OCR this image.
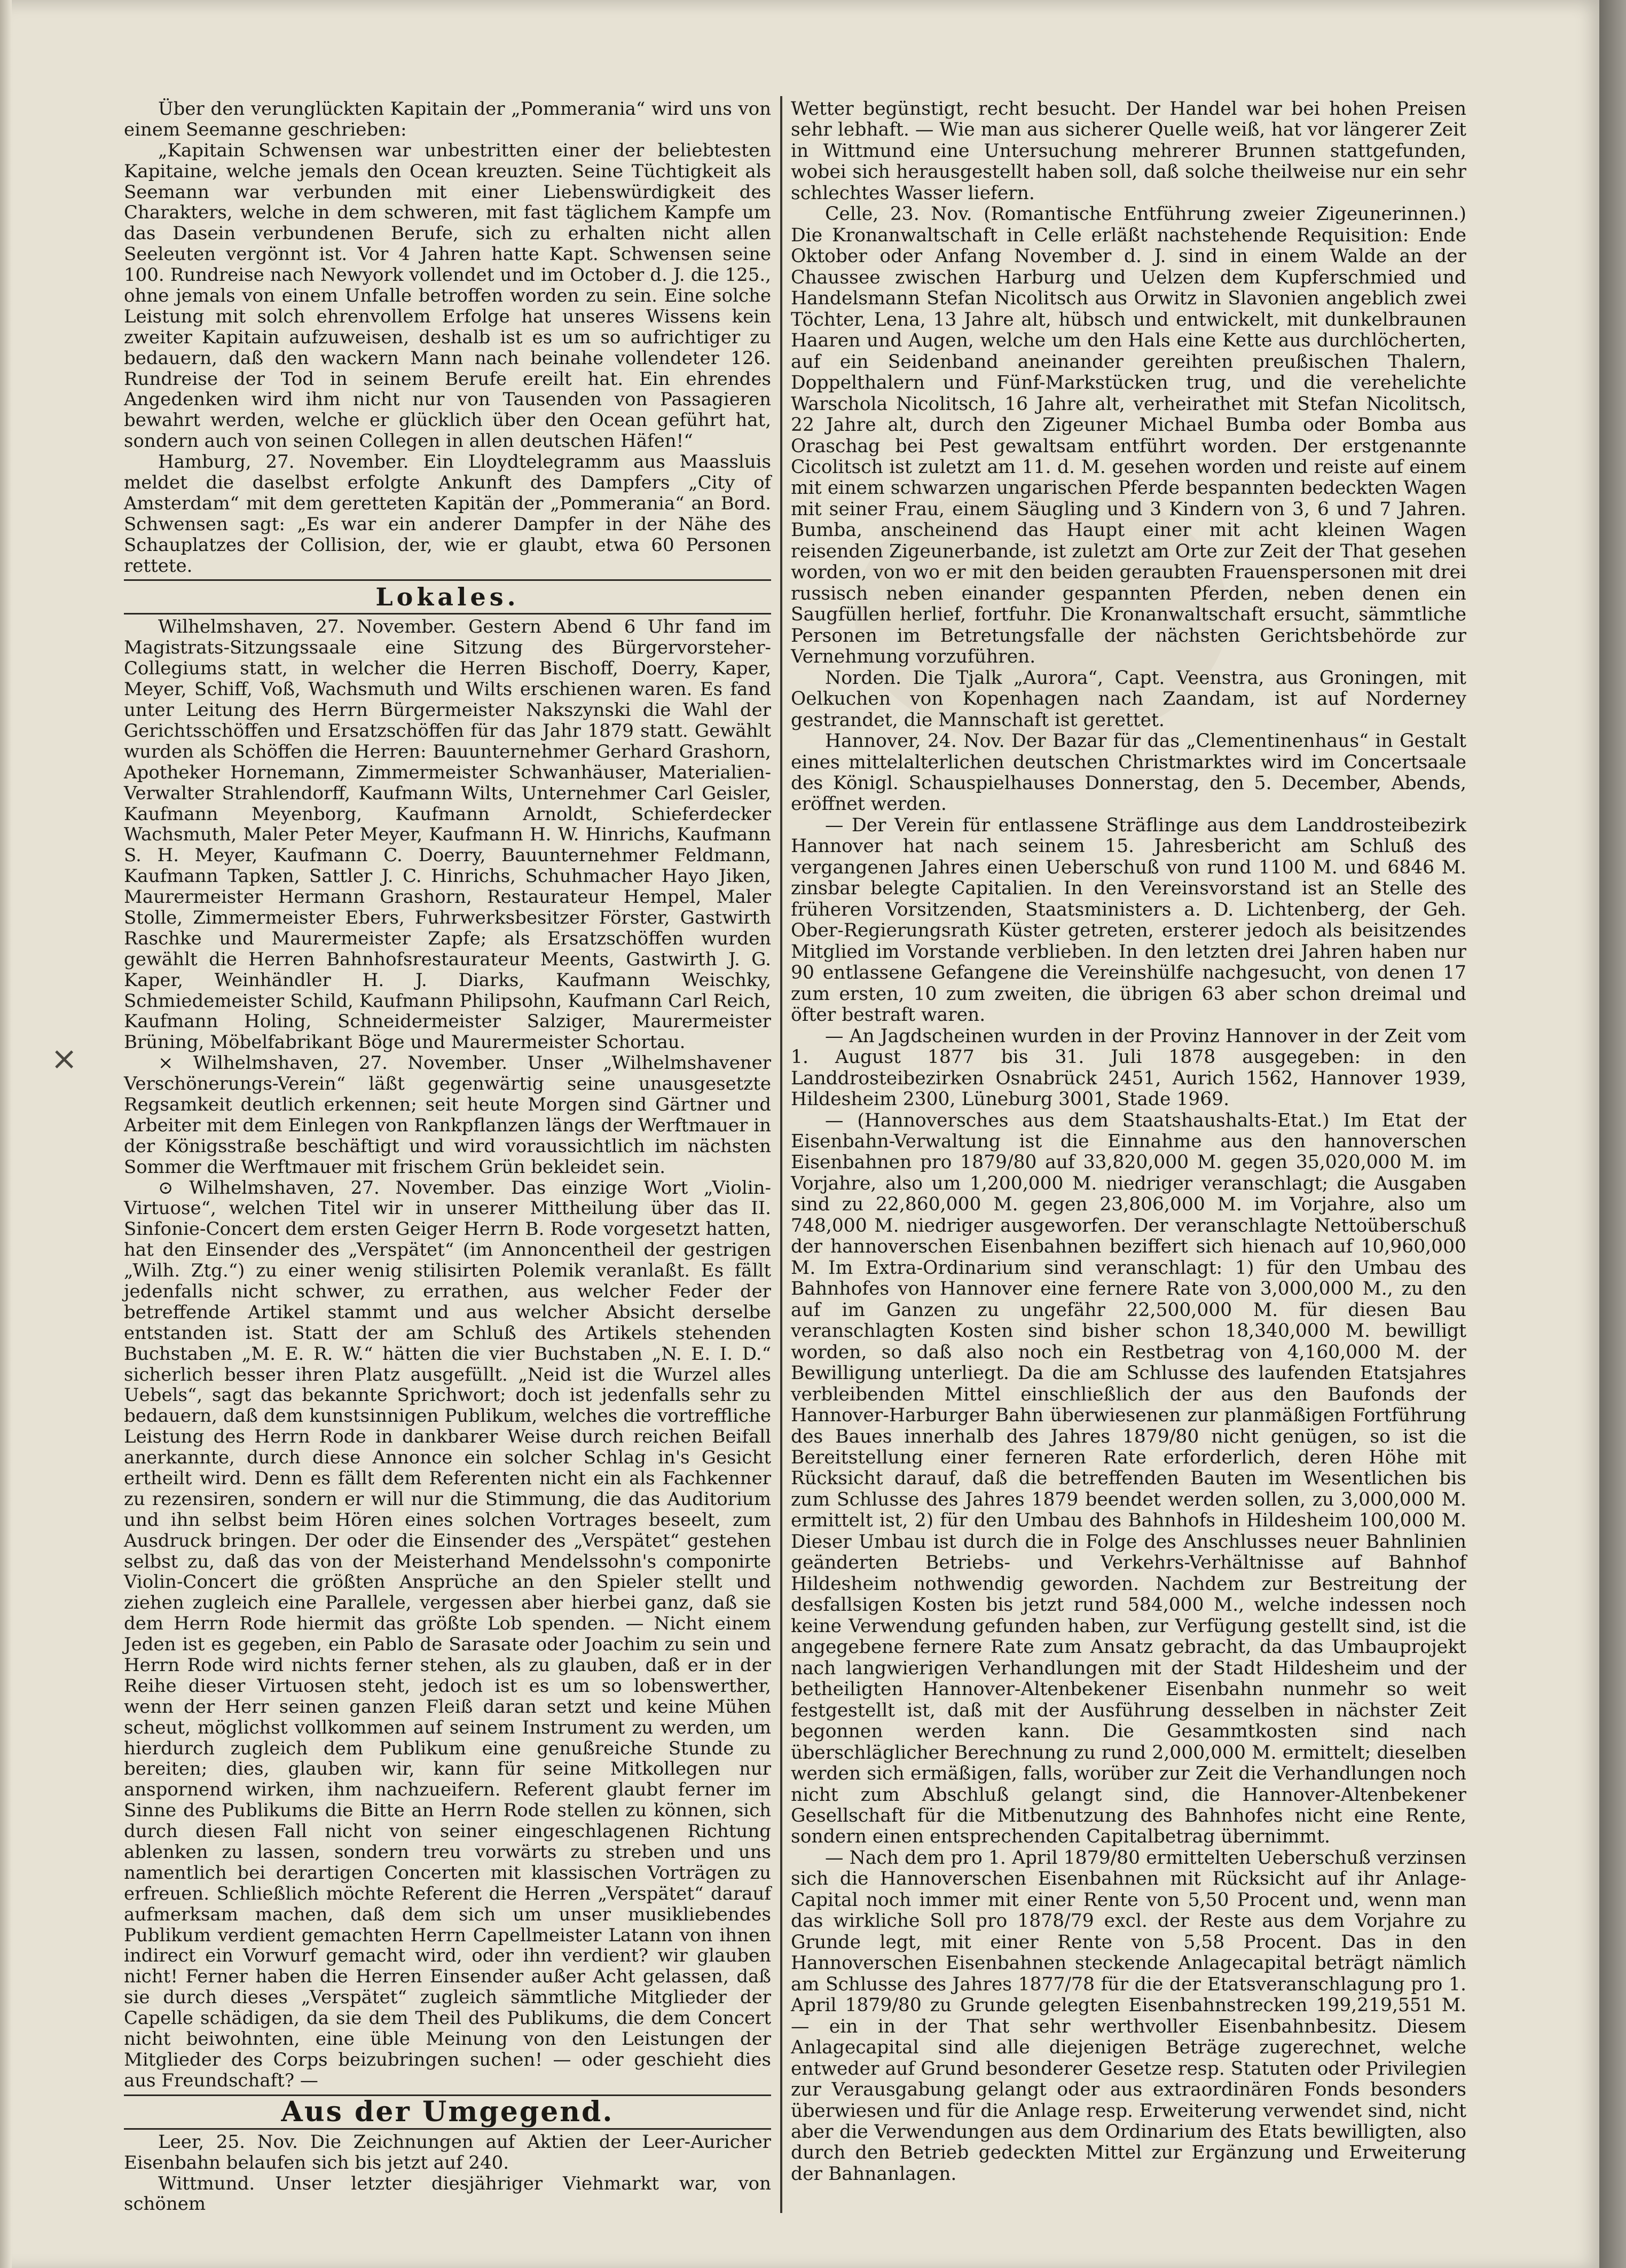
Über den verunglückten Kapitain der „Pommerania“ wird uns von einem Seemanne geschrieben:

„Kapitain Schwensen war unbestritten einer der beliebtesten Kapitaine, welche jemals den Ocean kreuzten. Seine Tüchtigkeit als Seemann war verbunden mit einer Liebenswürdigkeit des Charakters, welche in dem schweren, mit fast täglichem Kampfe um das Dasein verbundenen Berufe, sich zu erhalten nicht allen Seeleuten vergönnt ist. Vor 4 Jahren hatte Kapt. Schwensen seine 100. Rundreise nach Newyork vollendet und im October d. J. die 125., ohne jemals von einem Unfalle betroffen worden zu sein. Eine solche Leistung mit solch ehrenvollem Erfolge hat unseres Wissens kein zweiter Kapitain aufzuweisen, deshalb ist es um so aufrichtiger zu bedauern, daß den wackern Mann nach beinahe vollendeter 126. Rundreise der Tod in seinem Berufe ereilt hat. Ein ehrendes Angedenken wird ihm nicht nur von Tausenden von Passagieren bewahrt werden, welche er glücklich über den Ocean geführt hat, sondern auch von seinen Collegen in allen deutschen Häfen!“

Hamburg, 27. November. Ein Lloydtelegramm aus Maassluis meldet die daselbst erfolgte Ankunft des Dampfers „City of Amsterdam“ mit dem geretteten Kapitän der „Pommerania“ an Bord. Schwensen sagt: „Es war ein anderer Dampfer in der Nähe des Schauplatzes der Collision, der, wie er glaubt, etwa 60 Personen rettete.

Lokales.

Wilhelmshaven, 27. November. Gestern Abend 6 Uhr fand im Magistrats-Sitzungssaale eine Sitzung des Bürgervorsteher-Collegiums statt, in welcher die Herren Bischoff, Doerry, Kaper, Meyer, Schiff, Voß, Wachsmuth und Wilts erschienen waren. Es fand unter Leitung des Herrn Bürgermeister Nakszynski die Wahl der Gerichtsschöffen und Ersatzschöffen für das Jahr 1879 statt. Gewählt wurden als Schöffen die Herren: Bauunternehmer Gerhard Grashorn, Apotheker Hornemann, Zimmermeister Schwanhäuser, Materialien-Verwalter Strahlendorff, Kaufmann Wilts, Unternehmer Carl Geisler, Kaufmann Meyenborg, Kaufmann Arnoldt, Schieferdecker Wachsmuth, Maler Peter Meyer, Kaufmann H. W. Hinrichs, Kaufmann S. H. Meyer, Kaufmann C. Doerry, Bauunternehmer Feldmann, Kaufmann Tapken, Sattler J. C. Hinrichs, Schuhmacher Hayo Jiken, Maurermeister Hermann Grashorn, Restaurateur Hempel, Maler Stolle, Zimmermeister Ebers, Fuhrwerksbesitzer Förster, Gastwirth Raschke und Maurermeister Zapfe; als Ersatzschöffen wurden gewählt die Herren Bahnhofsrestaurateur Meents, Gastwirth J. G. Kaper, Weinhändler H. J. Diarks, Kaufmann Weischky, Schmiedemeister Schild, Kaufmann Philipsohn, Kaufmann Carl Reich, Kaufmann Holing, Schneidermeister Salziger, Maurermeister Brüning, Möbelfabrikant Böge und Maurermeister Schortau.

× Wilhelmshaven, 27. November. Unser „Wilhelmshavener Verschönerungs-Verein“ läßt gegenwärtig seine unausgesetzte Regsamkeit deutlich erkennen; seit heute Morgen sind Gärtner und Arbeiter mit dem Einlegen von Rankpflanzen längs der Werftmauer in der Königsstraße beschäftigt und wird voraussichtlich im nächsten Sommer die Werftmauer mit frischem Grün bekleidet sein.

⊙ Wilhelmshaven, 27. November. Das einzige Wort „Violin-Virtuose“, welchen Titel wir in unserer Mittheilung über das II. Sinfonie-Concert dem ersten Geiger Herrn B. Rode vorgesetzt hatten, hat den Einsender des „Verspätet“ (im Annoncentheil der gestrigen „Wilh. Ztg.“) zu einer wenig stilisirten Polemik veranlaßt. Es fällt jedenfalls nicht schwer, zu errathen, aus welcher Feder der betreffende Artikel stammt und aus welcher Absicht derselbe entstanden ist. Statt der am Schluß des Artikels stehenden Buchstaben „M. E. R. W.“ hätten die vier Buchstaben „N. E. I. D.“ sicherlich besser ihren Platz ausgefüllt. „Neid ist die Wurzel alles Uebels“, sagt das bekannte Sprichwort; doch ist jedenfalls sehr zu bedauern, daß dem kunstsinnigen Publikum, welches die vortreffliche Leistung des Herrn Rode in dankbarer Weise durch reichen Beifall anerkannte, durch diese Annonce ein solcher Schlag in's Gesicht ertheilt wird. Denn es fällt dem Referenten nicht ein als Fachkenner zu rezensiren, sondern er will nur die Stimmung, die das Auditorium und ihn selbst beim Hören eines solchen Vortrages beseelt, zum Ausdruck bringen. Der oder die Einsender des „Verspätet“ gestehen selbst zu, daß das von der Meisterhand Mendelssohn's componirte Violin-Concert die größten Ansprüche an den Spieler stellt und ziehen zugleich eine Parallele, vergessen aber hierbei ganz, daß sie dem Herrn Rode hiermit das größte Lob spenden. — Nicht einem Jeden ist es gegeben, ein Pablo de Sarasate oder Joachim zu sein und Herrn Rode wird nichts ferner stehen, als zu glauben, daß er in der Reihe dieser Virtuosen steht, jedoch ist es um so lobenswerther, wenn der Herr seinen ganzen Fleiß daran setzt und keine Mühen scheut, möglichst vollkommen auf seinem Instrument zu werden, um hierdurch zugleich dem Publikum eine genußreiche Stunde zu bereiten; dies, glauben wir, kann für seine Mitkollegen nur anspornend wirken, ihm nachzueifern. Referent glaubt ferner im Sinne des Publikums die Bitte an Herrn Rode stellen zu können, sich durch diesen Fall nicht von seiner eingeschlagenen Richtung ablenken zu lassen, sondern treu vorwärts zu streben und uns namentlich bei derartigen Concerten mit klassischen Vorträgen zu erfreuen. Schließlich möchte Referent die Herren „Verspätet“ darauf aufmerksam machen, daß dem sich um unser musikliebendes Publikum verdient gemachten Herrn Capellmeister Latann von ihnen indirect ein Vorwurf gemacht wird, oder ihn verdient? wir glauben nicht! Ferner haben die Herren Einsender außer Acht gelassen, daß sie durch dieses „Verspätet“ zugleich sämmtliche Mitglieder der Capelle schädigen, da sie dem Theil des Publikums, die dem Concert nicht beiwohnten, eine üble Meinung von den Leistungen der Mitglieder des Corps beizubringen suchen! — oder geschieht dies aus Freundschaft? —

Aus der Umgegend.

Leer, 25. Nov. Die Zeichnungen auf Aktien der Leer-Auricher Eisenbahn belaufen sich bis jetzt auf 240.

Wittmund. Unser letzter diesjähriger Viehmarkt war, von schönem

Wetter begünstigt, recht besucht. Der Handel war bei hohen Preisen sehr lebhaft. — Wie man aus sicherer Quelle weiß, hat vor längerer Zeit in Wittmund eine Untersuchung mehrerer Brunnen stattgefunden, wobei sich herausgestellt haben soll, daß solche theilweise nur ein sehr schlechtes Wasser liefern.

Celle, 23. Nov. (Romantische Entführung zweier Zigeunerinnen.) Die Kronanwaltschaft in Celle erläßt nachstehende Requisition: Ende Oktober oder Anfang November d. J. sind in einem Walde an der Chaussee zwischen Harburg und Uelzen dem Kupferschmied und Handelsmann Stefan Nicolitsch aus Orwitz in Slavonien angeblich zwei Töchter, Lena, 13 Jahre alt, hübsch und entwickelt, mit dunkelbraunen Haaren und Augen, welche um den Hals eine Kette aus durchlöcherten, auf ein Seidenband aneinander gereihten preußischen Thalern, Doppelthalern und Fünf-Markstücken trug, und die verehelichte Warschola Nicolitsch, 16 Jahre alt, verheirathet mit Stefan Nicolitsch, 22 Jahre alt, durch den Zigeuner Michael Bumba oder Bomba aus Oraschag bei Pest gewaltsam entführt worden. Der erstgenannte Cicolitsch ist zuletzt am 11. d. M. gesehen worden und reiste auf einem mit einem schwarzen ungarischen Pferde bespannten bedeckten Wagen mit seiner Frau, einem Säugling und 3 Kindern von 3, 6 und 7 Jahren. Bumba, anscheinend das Haupt einer mit acht kleinen Wagen reisenden Zigeunerbande, ist zuletzt am Orte zur Zeit der That gesehen worden, von wo er mit den beiden geraubten Frauenspersonen mit drei russisch neben einander gespannten Pferden, neben denen ein Saugfüllen herlief, fortfuhr. Die Kronanwaltschaft ersucht, sämmtliche Personen im Betretungsfalle der nächsten Gerichtsbehörde zur Vernehmung vorzuführen.

Norden. Die Tjalk „Aurora“, Capt. Veenstra, aus Groningen, mit Oelkuchen von Kopenhagen nach Zaandam, ist auf Norderney gestrandet, die Mannschaft ist gerettet.

Hannover, 24. Nov. Der Bazar für das „Clementinenhaus“ in Gestalt eines mittelalterlichen deutschen Christmarktes wird im Concertsaale des Königl. Schauspielhauses Donnerstag, den 5. December, Abends, eröffnet werden.

— Der Verein für entlassene Sträflinge aus dem Landdrosteibezirk Hannover hat nach seinem 15. Jahresbericht am Schluß des vergangenen Jahres einen Ueberschuß von rund 1100 M. und 6846 M. zinsbar belegte Capitalien. In den Vereinsvorstand ist an Stelle des früheren Vorsitzenden, Staatsministers a. D. Lichtenberg, der Geh. Ober-Regierungsrath Küster getreten, ersterer jedoch als beisitzendes Mitglied im Vorstande verblieben. In den letzten drei Jahren haben nur 90 entlassene Gefangene die Vereinshülfe nachgesucht, von denen 17 zum ersten, 10 zum zweiten, die übrigen 63 aber schon dreimal und öfter bestraft waren.

— An Jagdscheinen wurden in der Provinz Hannover in der Zeit vom 1. August 1877 bis 31. Juli 1878 ausgegeben: in den Landdrosteibezirken Osnabrück 2451, Aurich 1562, Hannover 1939, Hildesheim 2300, Lüneburg 3001, Stade 1969.

— (Hannoversches aus dem Staatshaushalts-Etat.) Im Etat der Eisenbahn-Verwaltung ist die Einnahme aus den hannoverschen Eisenbahnen pro 1879/80 auf 33,820,000 M. gegen 35,020,000 M. im Vorjahre, also um 1,200,000 M. niedriger veranschlagt; die Ausgaben sind zu 22,860,000 M. gegen 23,806,000 M. im Vorjahre, also um 748,000 M. niedriger ausgeworfen. Der veranschlagte Nettoüberschuß der hannoverschen Eisenbahnen beziffert sich hienach auf 10,960,000 M. Im Extra-Ordinarium sind veranschlagt: 1) für den Umbau des Bahnhofes von Hannover eine fernere Rate von 3,000,000 M., zu den auf im Ganzen zu ungefähr 22,500,000 M. für diesen Bau veranschlagten Kosten sind bisher schon 18,340,000 M. bewilligt worden, so daß also noch ein Restbetrag von 4,160,000 M. der Bewilligung unterliegt. Da die am Schlusse des laufenden Etatsjahres verbleibenden Mittel einschließlich der aus den Baufonds der Hannover-Harburger Bahn überwiesenen zur planmäßigen Fortführung des Baues innerhalb des Jahres 1879/80 nicht genügen, so ist die Bereitstellung einer ferneren Rate erforderlich, deren Höhe mit Rücksicht darauf, daß die betreffenden Bauten im Wesentlichen bis zum Schlusse des Jahres 1879 beendet werden sollen, zu 3,000,000 M. ermittelt ist, 2) für den Umbau des Bahnhofs in Hildesheim 100,000 M. Dieser Umbau ist durch die in Folge des Anschlusses neuer Bahnlinien geänderten Betriebs- und Verkehrs-Verhältnisse auf Bahnhof Hildesheim nothwendig geworden. Nachdem zur Bestreitung der desfallsigen Kosten bis jetzt rund 584,000 M., welche indessen noch keine Verwendung gefunden haben, zur Verfügung gestellt sind, ist die angegebene fernere Rate zum Ansatz gebracht, da das Umbauprojekt nach langwierigen Verhandlungen mit der Stadt Hildesheim und der betheiligten Hannover-Altenbekener Eisenbahn nunmehr so weit festgestellt ist, daß mit der Ausführung desselben in nächster Zeit begonnen werden kann. Die Gesammtkosten sind nach überschläglicher Berechnung zu rund 2,000,000 M. ermittelt; dieselben werden sich ermäßigen, falls, worüber zur Zeit die Verhandlungen noch nicht zum Abschluß gelangt sind, die Hannover-Altenbekener Gesellschaft für die Mitbenutzung des Bahnhofes nicht eine Rente, sondern einen entsprechenden Capitalbetrag übernimmt.

— Nach dem pro 1. April 1879/80 ermittelten Ueberschuß verzinsen sich die Hannoverschen Eisenbahnen mit Rücksicht auf ihr Anlage-Capital noch immer mit einer Rente von 5,50 Procent und, wenn man das wirkliche Soll pro 1878/79 excl. der Reste aus dem Vorjahre zu Grunde legt, mit einer Rente von 5,58 Procent. Das in den Hannoverschen Eisenbahnen steckende Anlagecapital beträgt nämlich am Schlusse des Jahres 1877/78 für die der Etatsveranschlagung pro 1. April 1879/80 zu Grunde gelegten Eisenbahnstrecken 199,219,551 M. — ein in der That sehr werthvoller Eisenbahnbesitz. Diesem Anlagecapital sind alle diejenigen Beträge zugerechnet, welche entweder auf Grund besonderer Gesetze resp. Statuten oder Privilegien zur Verausgabung gelangt oder aus extraordinären Fonds besonders überwiesen und für die Anlage resp. Erweiterung verwendet sind, nicht aber die Verwendungen aus dem Ordinarium des Etats bewilligten, also durch den Betrieb gedeckten Mittel zur Ergänzung und Erweiterung der Bahnanlagen.

×
